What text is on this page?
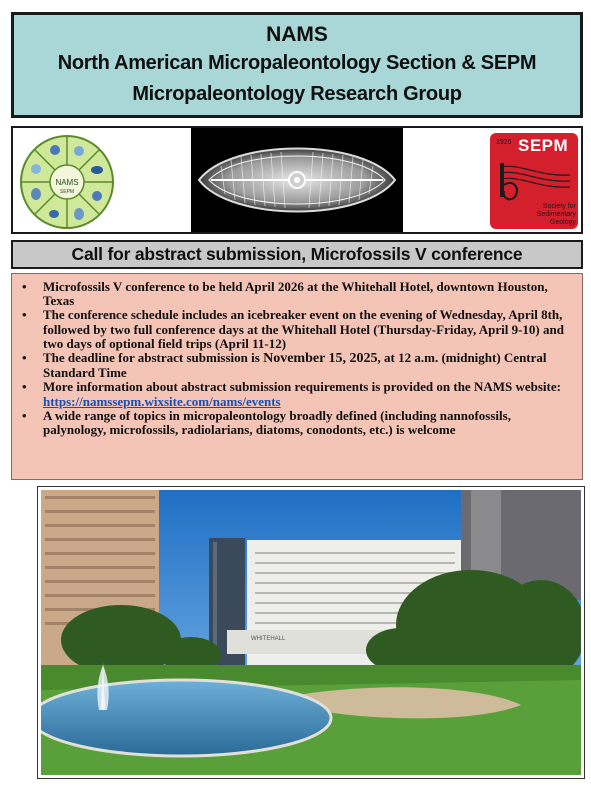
NAMS
North American Micropaleontology Section & SEPM
Micropaleontology Research Group
NAMS
SEPM
1926 SEPM
Society for Sedimentary Geology
Call for abstract submission, Microfossils V conference
• Microfossils V conference to be held April 2026 at the Whitehall Hotel, downtown Houston, Texas
• The conference schedule includes an icebreaker event on the evening of Wednesday, April 8th, followed by two full conference days at the Whitehall Hotel (Thursday-Friday, April 9-10) and two days of optional field trips (April 11-12)
• The deadline for abstract submission is November 15, 2025, at 12 a.m. (midnight) Central Standard Time
• More information about abstract submission requirements is provided on the NAMS website: https://namssepm.wixsite.com/nams/events
• A wide range of topics in micropaleontology broadly defined (including nannofossils, palynology, microfossils, radiolarians, diatoms, conodonts, etc.) is welcome
WHITEHALL
